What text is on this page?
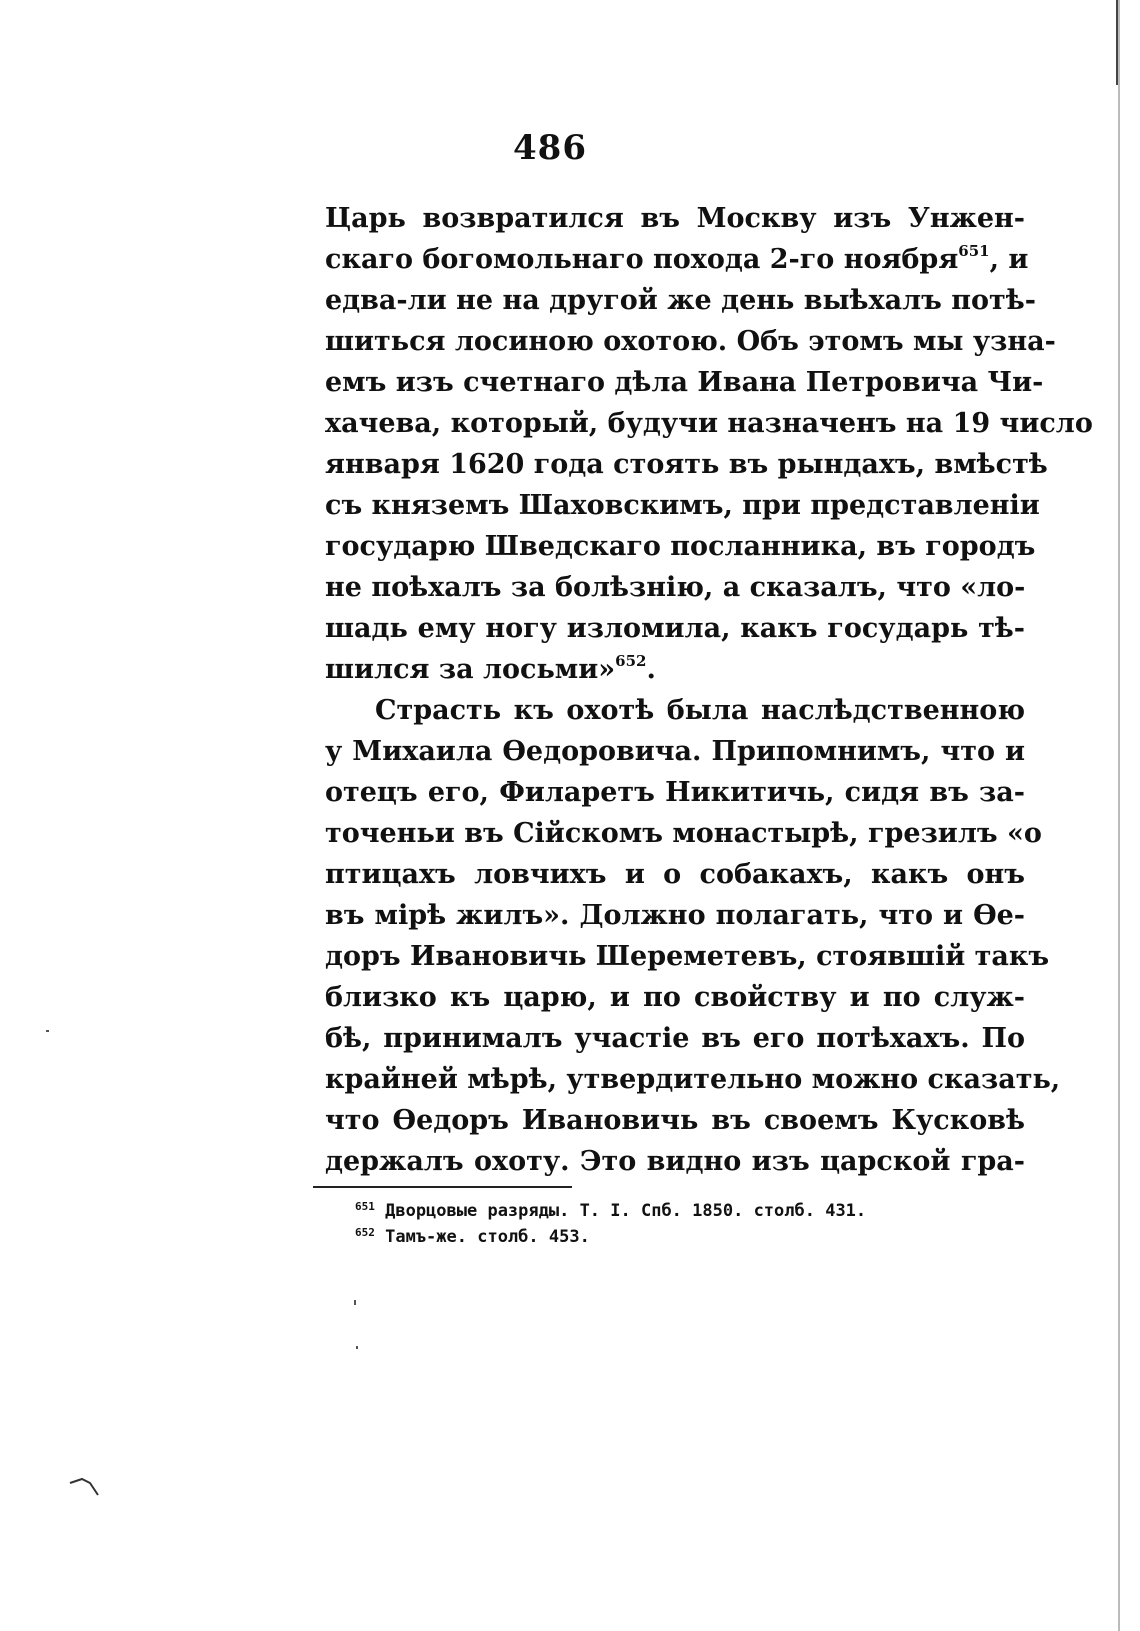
486
Царь возвратился въ Москву изъ Унжен-
скаго богомольнаго похода 2-го ноября$^{651}$, и
едва-ли не на другой же день выѣхалъ потѣ-
шиться лосиною охотою. Объ этомъ мы узна-
емъ изъ счетнаго дѣла Ивана Петровича Чи-
хачева, который, будучи назначенъ на 19 число
января 1620 года стоять въ рындахъ, вмѣстѣ
съ княземъ Шаховскимъ, при представленіи
государю Шведскаго посланника, въ городъ
не поѣхалъ за болѣзнію, а сказалъ, что «ло-
шадь ему ногу изломила, какъ государь тѣ-
шился за лосьми»$^{652}$.
Страсть къ охотѣ была наслѣдственною
у Михаила Ѳедоровича. Припомнимъ, что и
отецъ его, Филаретъ Никитичь, сидя въ за-
точеньи въ Сійскомъ монастырѣ, грезилъ «о
птицахъ ловчихъ и о собакахъ, какъ онъ
въ мірѣ жилъ». Должно полагать, что и Ѳе-
доръ Ивановичь Шереметевъ, стоявшій такъ
близко къ царю, и по свойству и по служ-
бѣ, принималъ участіе въ его потѣхахъ. По
крайней мѣрѣ, утвердительно можно сказать,
что Ѳедоръ Ивановичь въ своемъ Кусковѣ
держалъ охоту. Это видно изъ царской гра-
$^{651}$ Дворцовые разряды. Т. I. Спб. 1850. столб. 431.
$^{652}$ Тамъ-же. столб. 453.
